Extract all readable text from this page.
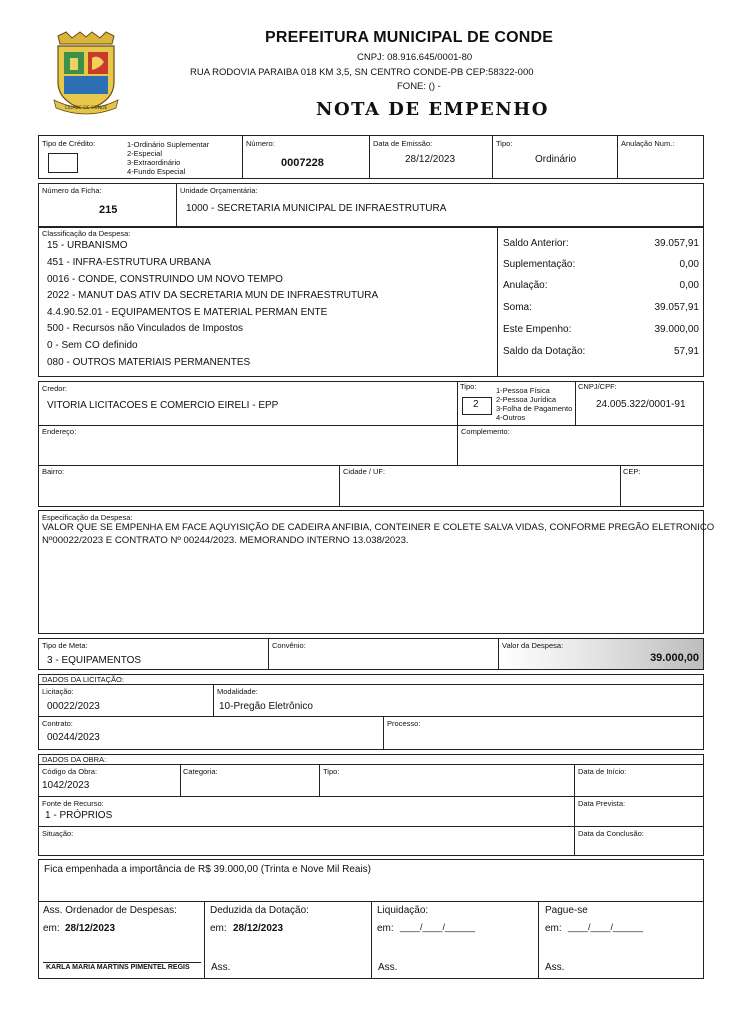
CIDADE DE CONDE
PREFEITURA MUNICIPAL DE CONDE
CNPJ: 08.916.645/0001-80
RUA RODOVIA PARAIBA 018 KM 3,5, SN CENTRO CONDE-PB CEP:58322-000
FONE: () -
NOTA DE EMPENHO
Tipo de Crédito:	1-Ordinário Suplementar
2-Especial
3-Extraordinário
4-Fundo Especial
Número:
0007228
Data de Emissão:
28/12/2023
Tipo:
Ordinário
Anulação Num.:
Número da Ficha:
215
Unidade Orçamentária:
1000 - SECRETARIA MUNICIPAL DE INFRAESTRUTURA
Classificação da Despesa:
15 - URBANISMO
451 - INFRA-ESTRUTURA URBANA
0016 - CONDE, CONSTRUINDO UM NOVO TEMPO
2022 - MANUT DAS ATIV DA SECRETARIA MUN DE INFRAESTRUTURA
4.4.90.52.01 - EQUIPAMENTOS E MATERIAL PERMAN ENTE
500 - Recursos não Vinculados de Impostos
0 - Sem CO definido
080 - OUTROS MATERIAIS PERMANENTES
Saldo Anterior:	39.057,91
Suplementação:	0,00
Anulação:	0,00
Soma:	39.057,91
Este Empenho:	39.000,00
Saldo da Dotação:	57,91
Credor:
VITORIA LICITACOES E COMERCIO EIRELI - EPP
Tipo:
2
1-Pessoa Física
2-Pessoa Jurídica
3-Folha de Pagamento
4-Outros
CNPJ/CPF:
24.005.322/0001-91
Endereço:	Complemento:
Bairro:	Cidade / UF:	CEP:
Especificação da Despesa:
VALOR QUE SE EMPENHA EM FACE AQUYISIÇÃO DE CADEIRA ANFIBIA, CONTEINER E COLETE SALVA VIDAS, CONFORME PREGÃO ELETRONICO
Nº00022/2023 E CONTRATO Nº 00244/2023. MEMORANDO INTERNO 13.038/2023.
Tipo de Meta:
3 - EQUIPAMENTOS
Convênio:	Valor da Despesa:
39.000,00
DADOS DA LICITAÇÃO:
Licitação:
00022/2023
Modalidade:
10-Pregão Eletrônico
Contrato:
00244/2023
Processo:
DADOS DA OBRA:
Código da Obra:
1042/2023
Categoria:	Tipo:	Data de Início:
Fonte de Recurso:
1 - PRÓPRIOS
Data Prevista:
Situação:	Data da Conclusão:
Fica empenhada a importância de R$ 39.000,00 (Trinta e Nove Mil Reais)
Ass. Ordenador de Despesas:
em: 28/12/2023
KARLA MARIA MARTINS PIMENTEL REGIS
Deduzida da Dotação:
em: 28/12/2023
Ass.
Liquidação:
em: ____/____/______
Ass.
Pague-se
em: ____/____/______
Ass.
